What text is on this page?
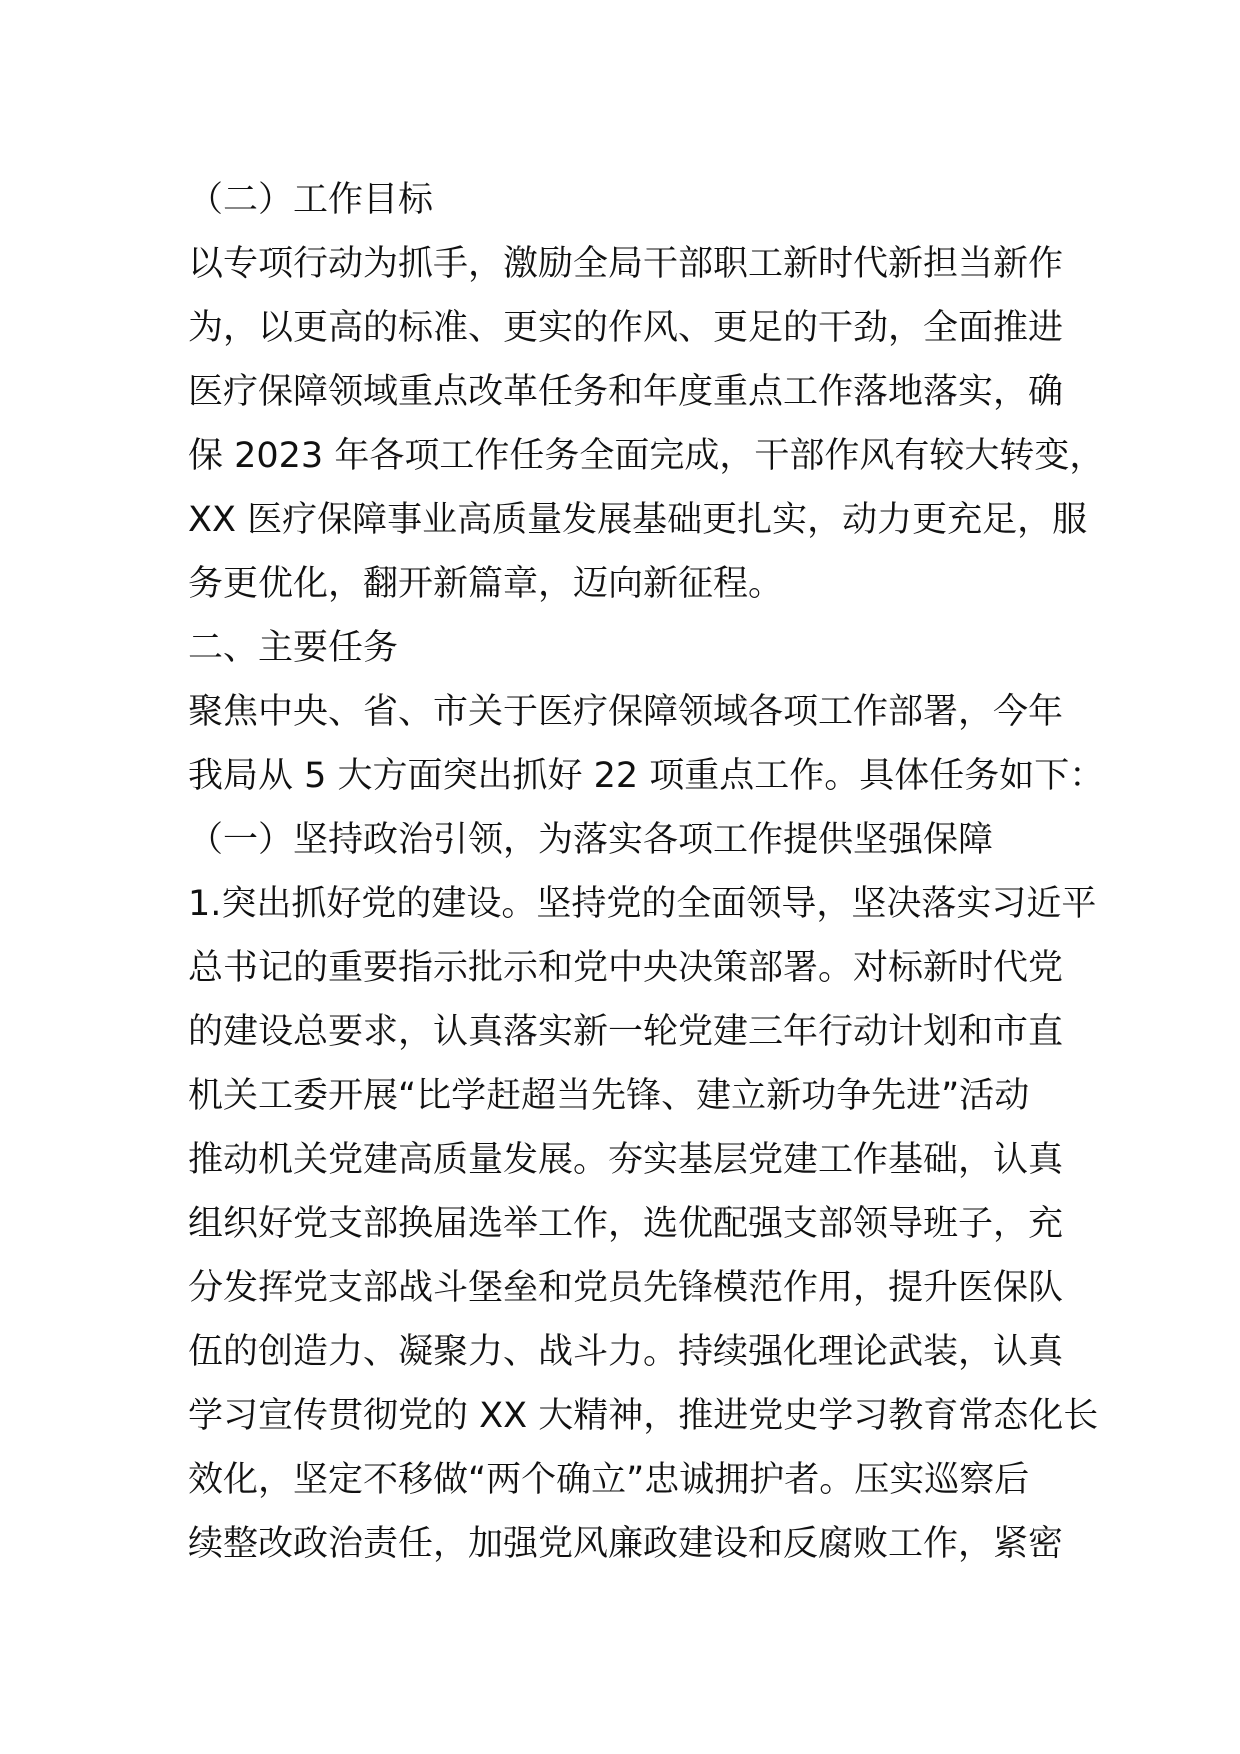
（二）工作目标
以专项行动为抓手，激励全局干部职工新时代新担当新作
为，以更高的标准、更实的作风、更足的干劲，全面推进
医疗保障领域重点改革任务和年度重点工作落地落实，确
保 2023 年各项工作任务全面完成，干部作风有较大转变，
XX 医疗保障事业高质量发展基础更扎实，动力更充足，服
务更优化，翻开新篇章，迈向新征程。
二、主要任务
聚焦中央、省、市关于医疗保障领域各项工作部署，今年
我局从 5 大方面突出抓好 22 项重点工作。具体任务如下：
（一）坚持政治引领，为落实各项工作提供坚强保障
1.突出抓好党的建设。坚持党的全面领导，坚决落实习近平
总书记的重要指示批示和党中央决策部署。对标新时代党
的建设总要求，认真落实新一轮党建三年行动计划和市直
机关工委开展“比学赶超当先锋、建立新功争先进”活动
推动机关党建高质量发展。夯实基层党建工作基础，认真
组织好党支部换届选举工作，选优配强支部领导班子，充
分发挥党支部战斗堡垒和党员先锋模范作用，提升医保队
伍的创造力、凝聚力、战斗力。持续强化理论武装，认真
学习宣传贯彻党的 XX 大精神，推进党史学习教育常态化长
效化，坚定不移做“两个确立”忠诚拥护者。压实巡察后
续整改政治责任，加强党风廉政建设和反腐败工作，紧密
